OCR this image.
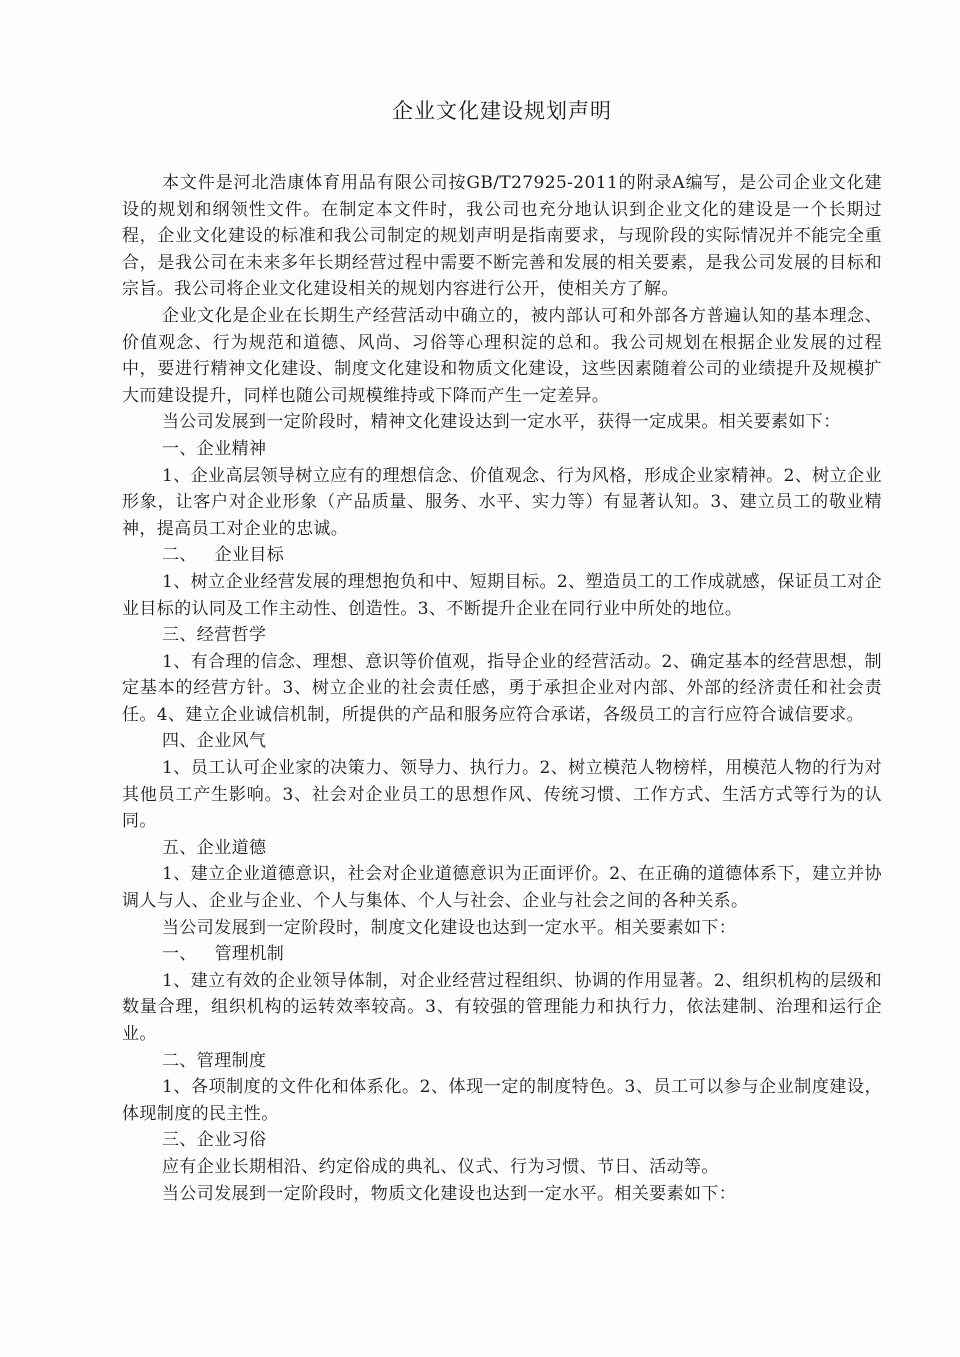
企业文化建设规划声明

本文件是河北浩康体育用品有限公司按GB/T27925-2011的附录A编写，是公司企业文化建设的规划和纲领性文件。在制定本文件时，我公司也充分地认识到企业文化的建设是一个长期过程，企业文化建设的标准和我公司制定的规划声明是指南要求，与现阶段的实际情况并不能完全重合，是我公司在未来多年长期经营过程中需要不断完善和发展的相关要素，是我公司发展的目标和宗旨。我公司将企业文化建设相关的规划内容进行公开，使相关方了解。

企业文化是企业在长期生产经营活动中确立的，被内部认可和外部各方普遍认知的基本理念、价值观念、行为规范和道德、风尚、习俗等心理积淀的总和。我公司规划在根据企业发展的过程中，要进行精神文化建设、制度文化建设和物质文化建设，这些因素随着公司的业绩提升及规模扩大而建设提升，同样也随公司规模维持或下降而产生一定差异。

当公司发展到一定阶段时，精神文化建设达到一定水平，获得一定成果。相关要素如下：

一、企业精神

1、企业高层领导树立应有的理想信念、价值观念、行为风格，形成企业家精神。2、树立企业形象，让客户对企业形象（产品质量、服务、水平、实力等）有显著认知。3、建立员工的敬业精神，提高员工对企业的忠诚。

二、 企业目标

1、树立企业经营发展的理想抱负和中、短期目标。2、塑造员工的工作成就感，保证员工对企业目标的认同及工作主动性、创造性。3、不断提升企业在同行业中所处的地位。

三、经营哲学

1、有合理的信念、理想、意识等价值观，指导企业的经营活动。2、确定基本的经营思想，制定基本的经营方针。3、树立企业的社会责任感，勇于承担企业对内部、外部的经济责任和社会责任。4、建立企业诚信机制，所提供的产品和服务应符合承诺，各级员工的言行应符合诚信要求。

四、企业风气

1、员工认可企业家的决策力、领导力、执行力。2、树立模范人物榜样，用模范人物的行为对其他员工产生影响。3、社会对企业员工的思想作风、传统习惯、工作方式、生活方式等行为的认同。

五、企业道德

1、建立企业道德意识，社会对企业道德意识为正面评价。2、在正确的道德体系下，建立并协调人与人、企业与企业、个人与集体、个人与社会、企业与社会之间的各种关系。

当公司发展到一定阶段时，制度文化建设也达到一定水平。相关要素如下：

一、 管理机制

1、建立有效的企业领导体制，对企业经营过程组织、协调的作用显著。2、组织机构的层级和数量合理，组织机构的运转效率较高。3、有较强的管理能力和执行力，依法建制、治理和运行企业。

二、管理制度

1、各项制度的文件化和体系化。2、体现一定的制度特色。3、员工可以参与企业制度建设，体现制度的民主性。

三、企业习俗

应有企业长期相沿、约定俗成的典礼、仪式、行为习惯、节日、活动等。

当公司发展到一定阶段时，物质文化建设也达到一定水平。相关要素如下：
